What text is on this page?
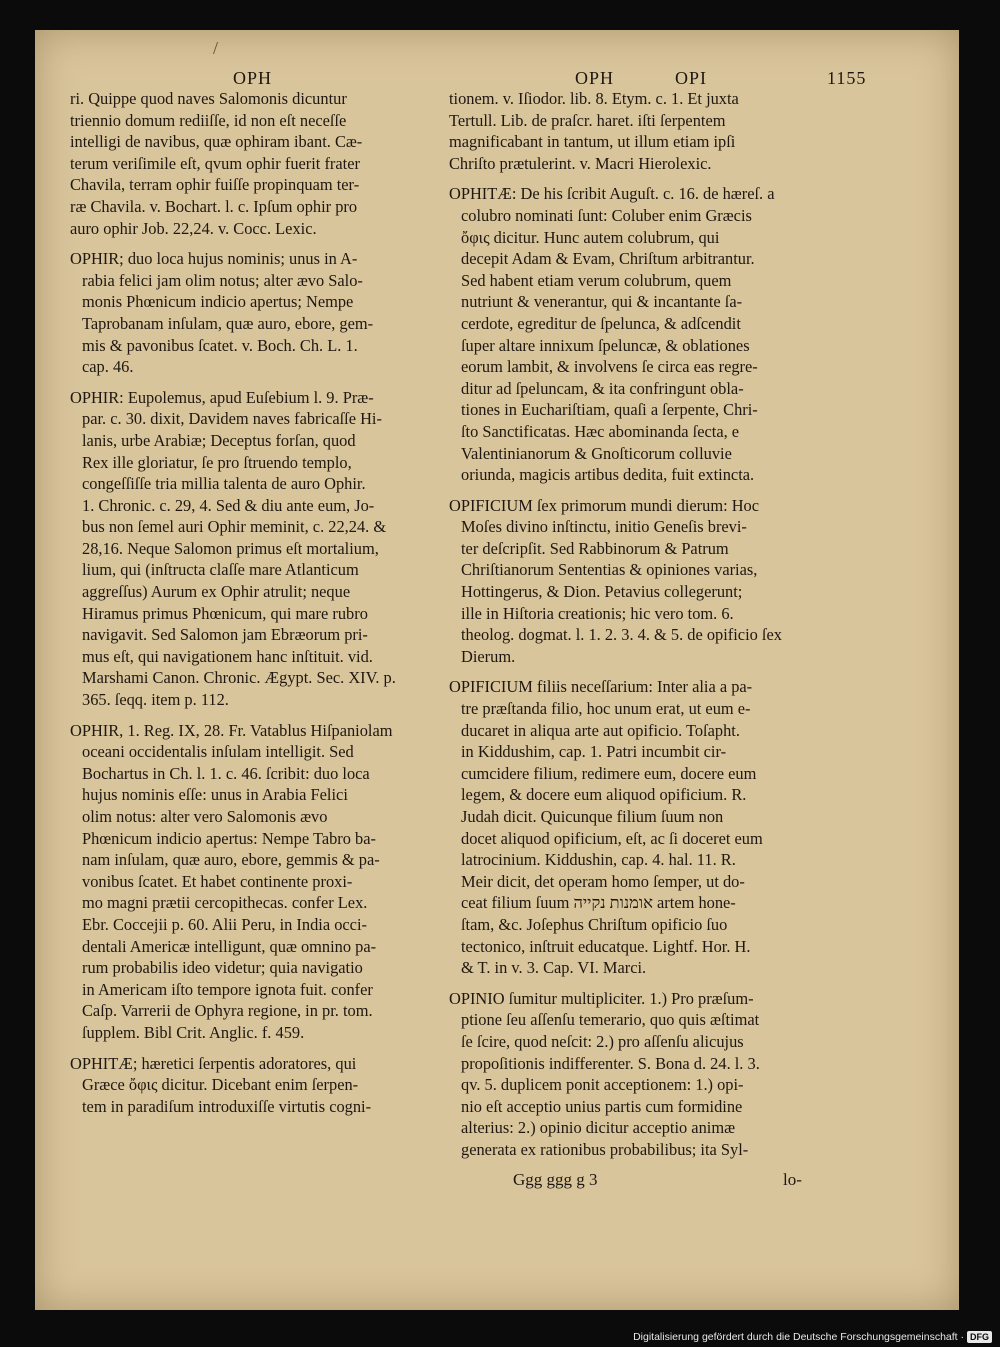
/
OPH	OPH	OPI	1155
ri. Quippe quod naves Salomonis dicuntur
triennio domum rediiſſe, id non eſt neceſſe
intelligi de navibus, quæ ophiram ibant. Cæ-
terum veriſimile eſt, qvum ophir fuerit frater
Chavila, terram ophir fuiſſe propinquam ter-
ræ Chavila. v. Bochart. l. c. Ipſum ophir pro
auro ophir Job. 22,24. v. Cocc. Lexic.
OPHIR; duo loca hujus nominis; unus in A-
rabia felici jam olim notus; alter ævo Salo-
monis Phœnicum indicio apertus; Nempe
Taprobanam inſulam, quæ auro, ebore, gem-
mis & pavonibus ſcatet. v. Boch. Ch. L. 1.
cap. 46.
OPHIR: Eupolemus, apud Euſebium l. 9. Præ-
par. c. 30. dixit, Davidem naves fabricaſſe Hi-
lanis, urbe Arabiæ; Deceptus forſan, quod
Rex ille gloriatur, ſe pro ſtruendo templo,
congeſſiſſe tria millia talenta de auro Ophir.
1. Chronic. c. 29, 4. Sed & diu ante eum, Jo-
bus non ſemel auri Ophir meminit, c. 22,24. &
28,16. Neque Salomon primus eſt mortalium,
lium, qui (inſtructa claſſe mare Atlanticum
aggreſſus) Aurum ex Ophir atrulit; neque
Hiramus primus Phœnicum, qui mare rubro
navigavit. Sed Salomon jam Ebræorum pri-
mus eſt, qui navigationem hanc inſtituit. vid.
Marshami Canon. Chronic. Ægypt. Sec. XIV. p.
365. ſeqq. item p. 112.
OPHIR, 1. Reg. IX, 28. Fr. Vatablus Hiſpaniolam
oceani occidentalis inſulam intelligit. Sed
Bochartus in Ch. l. 1. c. 46. ſcribit: duo loca
hujus nominis eſſe: unus in Arabia Felici
olim notus: alter vero Salomonis ævo
Phœnicum indicio apertus: Nempe Tabro ba-
nam inſulam, quæ auro, ebore, gemmis & pa-
vonibus ſcatet. Et habet continente proxi-
mo magni prætii cercopithecas. confer Lex.
Ebr. Coccejii p. 60. Alii Peru, in India occi-
dentali Americæ intelligunt, quæ omnino pa-
rum probabilis ideo videtur; quia navigatio
in Americam iſto tempore ignota fuit. confer
Caſp. Varrerii de Ophyra regione, in pr. tom.
ſupplem. Bibl Crit. Anglic. f. 459.
OPHITÆ; hæretici ſerpentis adoratores, qui
Græce ὄφις dicitur. Dicebant enim ſerpen-
tem in paradiſum introduxiſſe virtutis cogni-
tionem. v. Iſiodor. lib. 8. Etym. c. 1. Et juxta
Tertull. Lib. de praſcr. haret. iſti ſerpentem
magnificabant in tantum, ut illum etiam ipſi
Chriſto prætulerint. v. Macri Hierolexic.
OPHITÆ: De his ſcribit Auguſt. c. 16. de hæreſ. a
colubro nominati ſunt: Coluber enim Græcis
ὄφις dicitur. Hunc autem colubrum, qui
decepit Adam & Evam, Chriſtum arbitrantur.
Sed habent etiam verum colubrum, quem
nutriunt & venerantur, qui & incantante ſa-
cerdote, egreditur de ſpelunca, & adſcendit
ſuper altare innixum ſpeluncæ, & oblationes
eorum lambit, & involvens ſe circa eas regre-
ditur ad ſpeluncam, & ita confringunt obla-
tiones in Euchariſtiam, quaſi a ſerpente, Chri-
ſto Sanctificatas. Hæc abominanda ſecta, e
Valentinianorum & Gnoſticorum colluvie
oriunda, magicis artibus dedita, fuit extincta.
OPIFICIUM ſex primorum mundi dierum: Hoc
Moſes divino inſtinctu, initio Geneſis brevi-
ter deſcripſit. Sed Rabbinorum & Patrum
Chriſtianorum Sententias & opiniones varias,
Hottingerus, & Dion. Petavius collegerunt;
ille in Hiſtoria creationis; hic vero tom. 6.
theolog. dogmat. l. 1. 2. 3. 4. & 5. de opificio ſex
Dierum.
OPIFICIUM filiis neceſſarium: Inter alia a pa-
tre præſtanda filio, hoc unum erat, ut eum e-
ducaret in aliqua arte aut opificio. Toſapht.
in Kiddushim, cap. 1. Patri incumbit cir-
cumcidere filium, redimere eum, docere eum
legem, & docere eum aliquod opificium. R.
Judah dicit. Quicunque filium ſuum non
docet aliquod opificium, eſt, ac ſi doceret eum
latrocinium. Kiddushin, cap. 4. hal. 11. R.
Meir dicit, det operam homo ſemper, ut do-
ceat filium ſuum אומנות נקייה artem hone-
ſtam, &c. Joſephus Chriſtum opificio ſuo
tectonico, inſtruit educatque. Lightf. Hor. H.
& T. in v. 3. Cap. VI. Marci.
OPINIO ſumitur multipliciter. 1.) Pro præſum-
ptione ſeu aſſenſu temerario, quo quis æſtimat
ſe ſcire, quod neſcit: 2.) pro aſſenſu alicujus
propoſitionis indifferenter. S. Bona d. 24. l. 3.
qv. 5. duplicem ponit acceptionem: 1.) opi-
nio eſt acceptio unius partis cum formidine
alterius: 2.) opinio dicitur acceptio animæ
generata ex rationibus probabilibus; ita Syl-
Ggg ggg g 3	lo-
Digitalisierung gefördert durch die Deutsche Forschungsgemeinschaft · DFG
